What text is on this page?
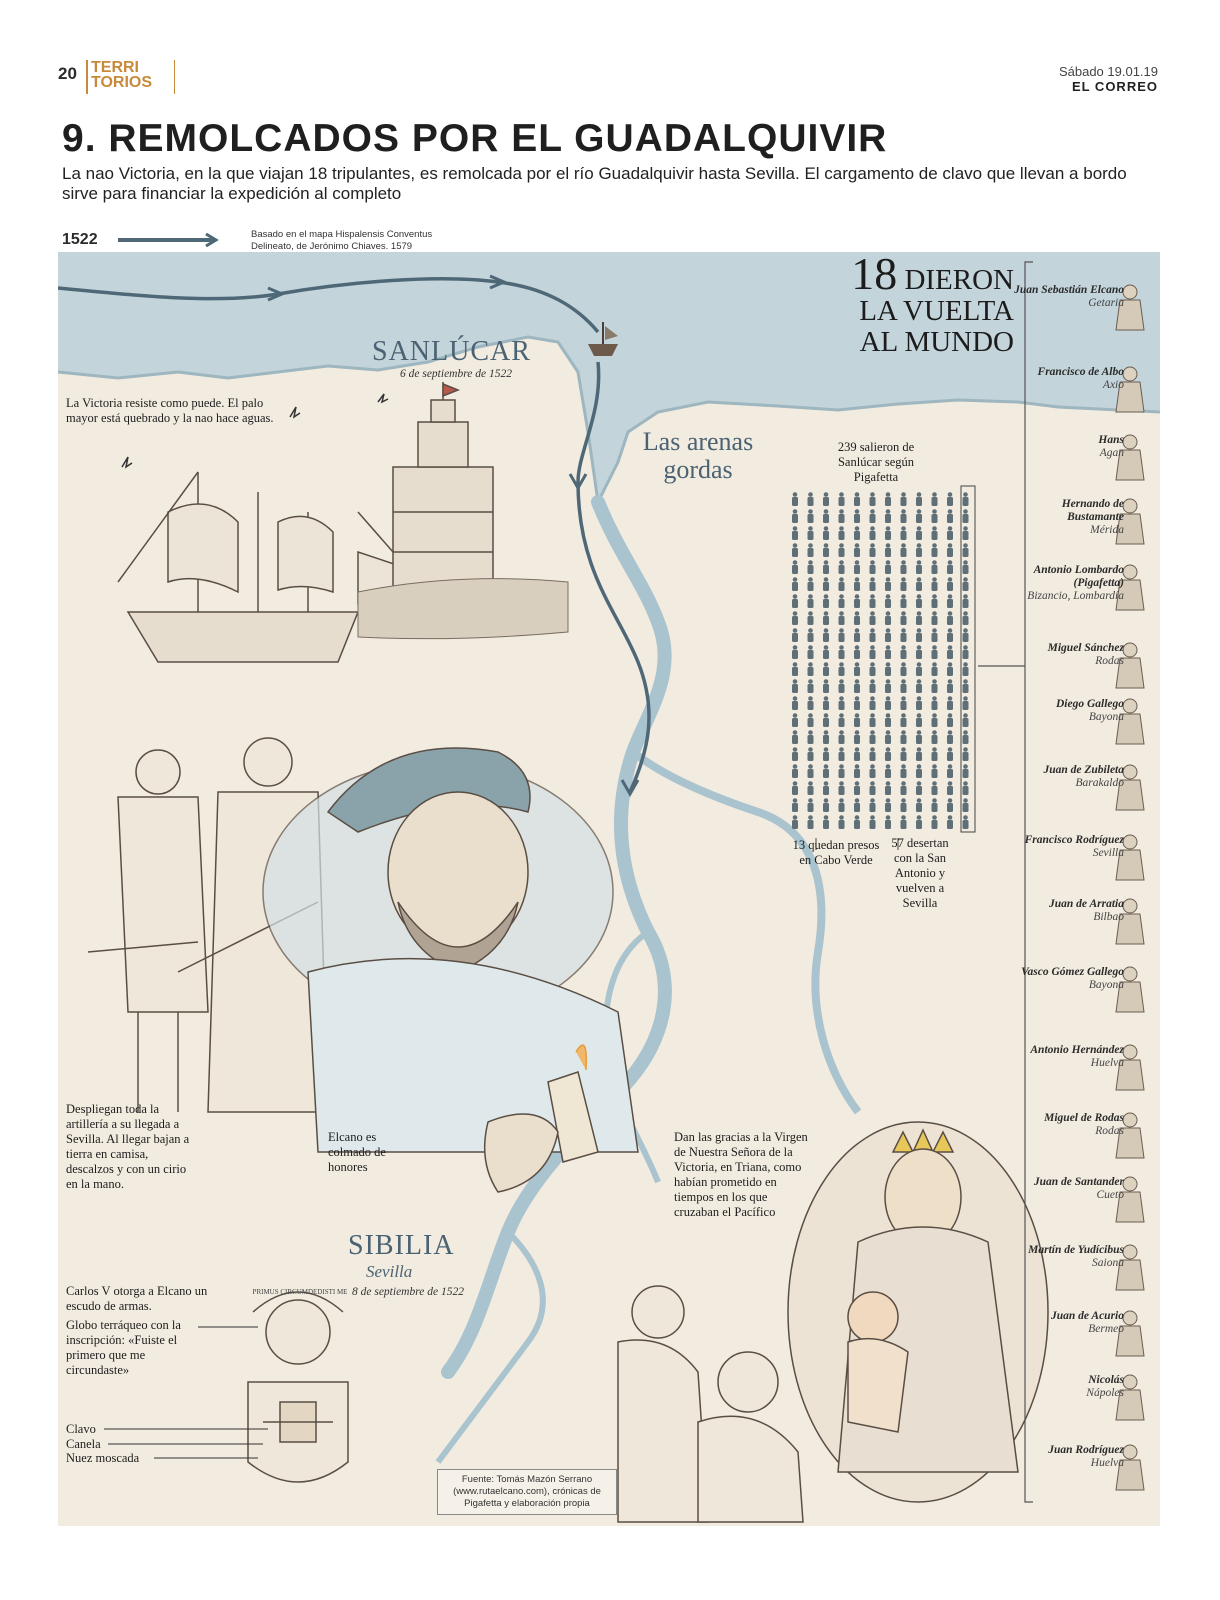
20 TERRI
TORIOS
Sábado 19.01.19
EL CORREO
9. REMOLCADOS POR EL GUADALQUIVIR
La nao Victoria, en la que viajan 18 tripulantes, es remolcada por el río Guadalquivir hasta Sevilla. El cargamento de clavo que llevan a bordo sirve para financiar la expedición al completo
1522	Basado en el mapa Hispalensis Conventus Delineato, de Jerónimo Chiaves. 1579
SANLÚCAR
6 de septiembre de 1522
Las arenas
gordas
La Victoria resiste como puede. El palo mayor está quebrado y la nao hace aguas.
18 DIERON
LA VUELTA
AL MUNDO
239 salieron de Sanlúcar según Pigafetta
13 quedan presos en Cabo Verde
57 desertan con la San Antonio y vuelven a Sevilla
Despliegan toda la artillería a su llegada a Sevilla. Al llegar bajan a tierra en camisa, descalzos y con un cirio en la mano.
Elcano es colmado de honores
Dan las gracias a la Virgen de Nuestra Señora de la Victoria, en Triana, como habían prometido en tiempos en los que cruzaban el Pacífico
SIBILIA
Sevilla
8 de septiembre de 1522
Carlos V otorga a Elcano un escudo de armas.
Globo terráqueo con la inscripción: «Fuiste el primero que me circundaste»
Clavo
Canela
Nuez moscada
PRIMUS CIRCUMDEDISTI ME
Juan Sebastián Elcano
Getaria
Francisco de Albo
Axio
Hans
Agan
Hernando de Bustamante
Mérida
Antonio Lombardo (Pigafetta)
Bizancio, Lombardía
Miguel Sánchez
Rodas
Diego Gallego
Bayona
Juan de Zubileta
Barakaldo
Francisco Rodríguez
Sevilla
Juan de Arratia
Bilbao
Vasco Gómez Gallego
Bayona
Antonio Hernández
Huelva
Miguel de Rodas
Rodas
Juan de Santander
Cueto
Martín de Yudícibus
Saiona
Juan de Acurio
Bermeo
Nicolás
Nápoles
Juan Rodríguez
Huelva
Fuente: Tomás Mazón Serrano (www.rutaelcano.com), crónicas de Pigafetta y elaboración propia
